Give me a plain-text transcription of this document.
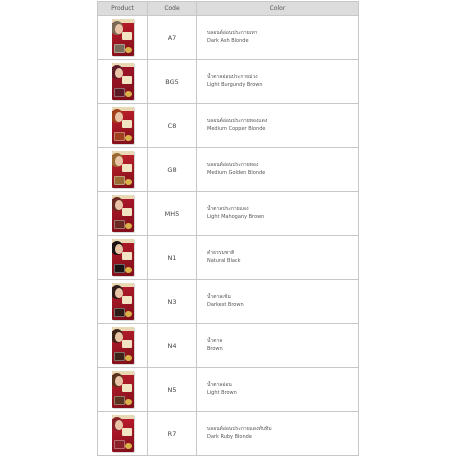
Product	Code	Color

	A7	บลอนด์อ่อนประกายเทา
Dark Ash Blonde

	BG5	น้ำตาลอ่อนประกายม่วง
Light Burgundy Brown

	C8	บลอนด์อ่อนประกายทองแดง
Medium Copper Blonde

	G8	บลอนด์อ่อนประกายทอง
Medium Golden Blonde

	MH5	น้ำตาลประกายแดง
Light Mahogany Brown

	N1	ดำธรรมชาติ
Natural Black

	N3	น้ำตาลเข้ม
Darkest Brown

	N4	น้ำตาล
Brown

	N5	น้ำตาลอ่อน
Light Brown

	R7	บลอนด์อ่อนประกายแดงทับทิม
Dark Ruby Blonde
